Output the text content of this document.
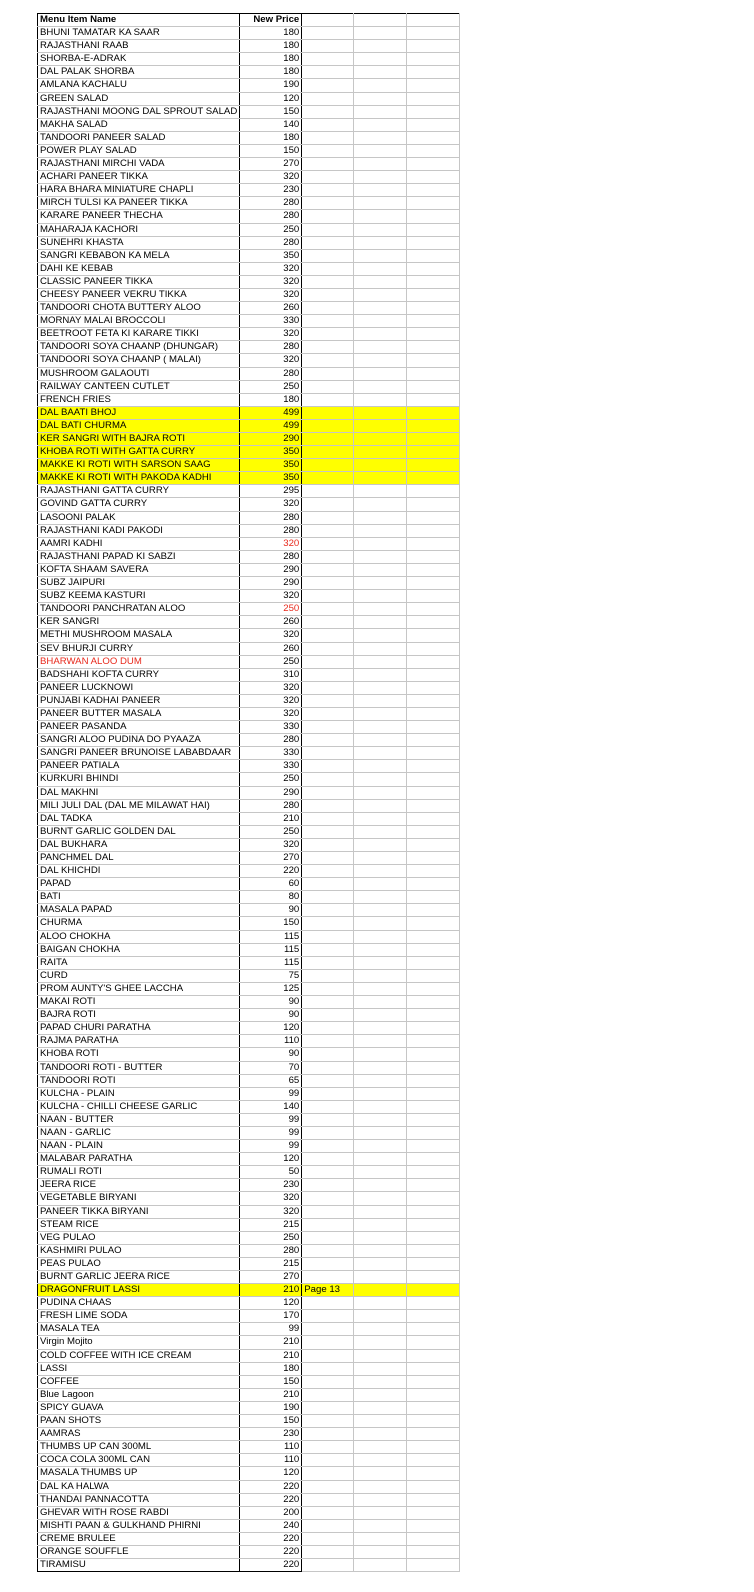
Menu Item Name	New Price			
BHUNI TAMATAR KA SAAR	180			
RAJASTHANI RAAB	180			
SHORBA-E-ADRAK	180			
DAL PALAK SHORBA	180			
AMLANA KACHALU	190			
GREEN SALAD	120			
RAJASTHANI MOONG DAL SPROUT SALAD	150			
MAKHA SALAD	140			
TANDOORI PANEER SALAD	180			
POWER PLAY SALAD	150			
RAJASTHANI MIRCHI VADA	270			
ACHARI PANEER TIKKA	320			
HARA BHARA MINIATURE CHAPLI	230			
MIRCH TULSI KA PANEER TIKKA	280			
KARARE PANEER THECHA	280			
MAHARAJA KACHORI	250			
SUNEHRI KHASTA	280			
SANGRI KEBABON KA MELA	350			
DAHI KE KEBAB	320			
CLASSIC PANEER TIKKA	320			
CHEESY PANEER VEKRU TIKKA	320			
TANDOORI CHOTA BUTTERY ALOO	260			
MORNAY MALAI BROCCOLI	330			
BEETROOT FETA KI KARARE TIKKI	320			
TANDOORI SOYA CHAANP (DHUNGAR)	280			
TANDOORI SOYA CHAANP ( MALAI)	320			
MUSHROOM GALAOUTI	280			
RAILWAY CANTEEN CUTLET	250			
FRENCH FRIES	180			
DAL BAATI BHOJ	499			
DAL BATI CHURMA	499			
KER SANGRI WITH BAJRA ROTI	290			
KHOBA ROTI WITH GATTA CURRY	350			
MAKKE KI ROTI WITH SARSON SAAG	350			
MAKKE KI ROTI WITH PAKODA KADHI	350			
RAJASTHANI GATTA CURRY	295			
GOVIND GATTA CURRY	320			
LASOONI PALAK	280			
RAJASTHANI KADI PAKODI	280			
AAMRI KADHI	320			
RAJASTHANI PAPAD KI SABZI	280			
KOFTA SHAAM SAVERA	290			
SUBZ JAIPURI	290			
SUBZ KEEMA KASTURI	320			
TANDOORI PANCHRATAN ALOO	250			
KER SANGRI	260			
METHI MUSHROOM MASALA	320			
SEV BHURJI CURRY	260			
BHARWAN ALOO DUM	250			
BADSHAHI KOFTA CURRY	310			
PANEER LUCKNOWI	320			
PUNJABI KADHAI PANEER	320			
PANEER BUTTER MASALA	320			
PANEER PASANDA	330			
SANGRI ALOO PUDINA DO PYAAZA	280			
SANGRI PANEER BRUNOISE LABABDAAR	330			
PANEER PATIALA	330			
KURKURI BHINDI	250			
DAL MAKHNI	290			
MILI JULI DAL (DAL ME MILAWAT HAI)	280			
DAL TADKA	210			
BURNT GARLIC GOLDEN DAL	250			
DAL BUKHARA	320			
PANCHMEL DAL	270			
DAL KHICHDI	220			
PAPAD	60			
BATI	80			
MASALA PAPAD	90			
CHURMA	150			
ALOO CHOKHA	115			
BAIGAN CHOKHA	115			
RAITA	115			
CURD	75			
PROM AUNTY'S GHEE LACCHA	125			
MAKAI ROTI	90			
BAJRA ROTI	90			
PAPAD CHURI PARATHA	120			
RAJMA PARATHA	110			
KHOBA ROTI	90			
TANDOORI ROTI - BUTTER	70			
TANDOORI ROTI	65			
KULCHA - PLAIN	99			
KULCHA - CHILLI CHEESE GARLIC	140			
NAAN - BUTTER	99			
NAAN - GARLIC	99			
NAAN - PLAIN	99			
MALABAR PARATHA	120			
RUMALI ROTI	50			
JEERA RICE	230			
VEGETABLE BIRYANI	320			
PANEER TIKKA BIRYANI	320			
STEAM RICE	215			
VEG PULAO	250			
KASHMIRI PULAO	280			
PEAS PULAO	215			
BURNT GARLIC JEERA RICE	270			
DRAGONFRUIT LASSI	210	Page 13		
PUDINA CHAAS	120			
FRESH LIME SODA	170			
MASALA TEA	99			
Virgin Mojito	210			
COLD COFFEE WITH ICE CREAM	210			
LASSI	180			
COFFEE	150			
Blue Lagoon	210			
SPICY GUAVA	190			
PAAN SHOTS	150			
AAMRAS	230			
THUMBS UP CAN 300ML	110			
COCA COLA 300ML CAN	110			
MASALA THUMBS UP	120			
DAL KA HALWA	220			
THANDAI PANNACOTTA	220			
GHEVAR WITH ROSE RABDI	200			
MISHTI PAAN & GULKHAND PHIRNI	240			
CREME BRULEE	220			
ORANGE SOUFFLE	220			
TIRAMISU	220			
